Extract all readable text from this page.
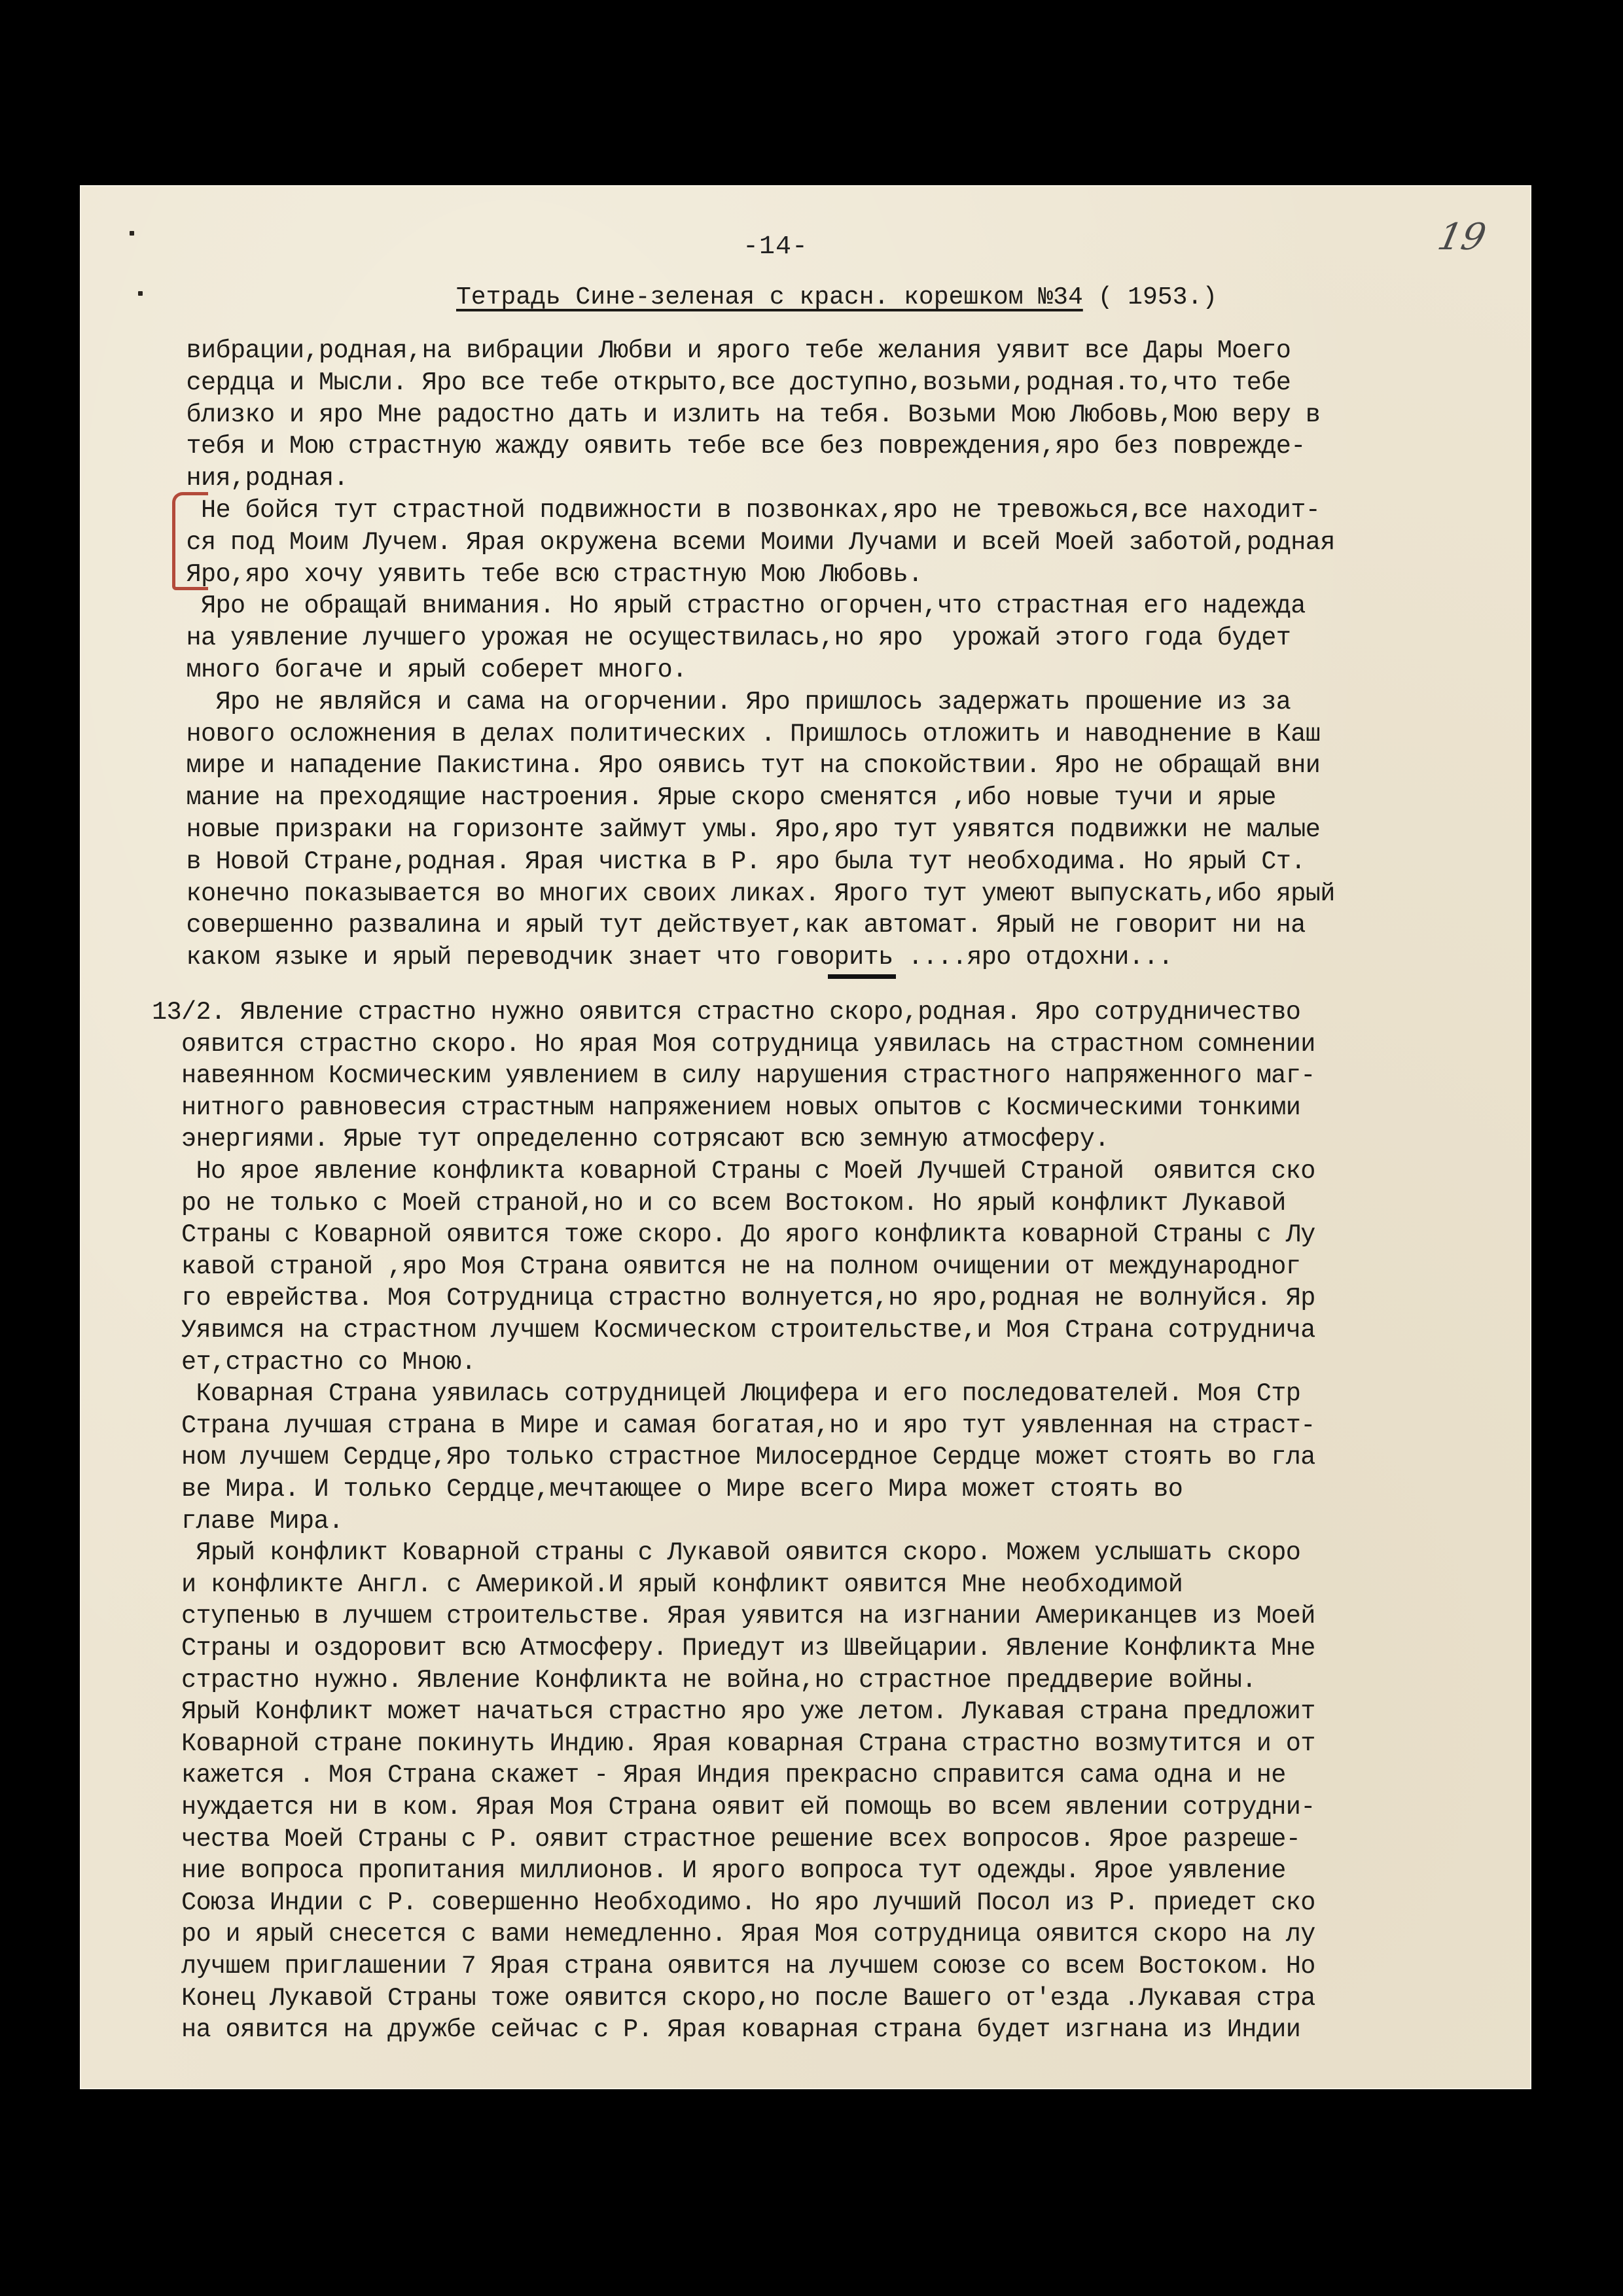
-14-	19
Тетрадь Сине-зеленая с красн. корешком №34 ( 1953.)
вибрации,родная,на вибрации Любви и ярого тебе желания уявит все Дары Моего
сердца и Мысли. Яро все тебе открыто,все доступно,возьми,родная.то,что тебе
близко и яро Мне радостно дать и излить на тебя. Возьми Мою Любовь,Мою веру в
тебя и Мою страстную жажду оявить тебе все без повреждения,яро без поврежде-
ния,родная.
Не бойся тут страстной подвижности в позвонках,яро не тревожься,все находит-
ся под Моим Лучем. Ярая окружена всеми Моими Лучами и всей Моей заботой,родная
Яро,яро хочу уявить тебе всю страстную Мою Любовь.
Яро не обращай внимания. Но ярый страстно огорчен,что страстная его надежда
на уявление лучшего урожая не осуществилась,но яро  урожай этого года будет
много богаче и ярый соберет много.
Яро не являйся и сама на огорчении. Яро пришлось задержать прошение из за
нового осложнения в делах политических . Пришлось отложить и наводнение в Каш
мире и нападение Пакистина. Яро оявись тут на спокойствии. Яро не обращай вни
мание на преходящие настроения. Ярые скоро сменятся ,ибо новые тучи и ярые
новые призраки на горизонте займут умы. Яро,яро тут уявятся подвижки не малые
в Новой Стране,родная. Ярая чистка в Р. яро была тут необходима. Но ярый Ст.
конечно показывается во многих своих ликах. Ярого тут умеют выпускать,ибо ярый
совершенно развалина и ярый тут действует,как автомат. Ярый не говорит ни на
каком языке и ярый переводчик знает что говорить ....яро отдохни...
13/2. Явление страстно нужно оявится страстно скоро,родная. Яро сотрудничество
оявится страстно скоро. Но ярая Моя сотрудница уявилась на страстном сомнении
навеянном Космическим уявлением в силу нарушения страстного напряженного маг-
нитного равновесия страстным напряжением новых опытов с Космическими тонкими
энергиями. Ярые тут определенно сотрясают всю земную атмосферу.
Но ярое явление конфликта коварной Страны с Моей Лучшей Страной  оявится ско
ро не только с Моей страной,но и со всем Востоком. Но ярый конфликт Лукавой
Страны с Коварной оявится тоже скоро. До ярого конфликта коварной Страны с Лу
кавой страной ,яро Моя Страна оявится не на полном очищении от международног
го еврейства. Моя Сотрудница страстно волнуется,но яро,родная не волнуйся. Яр
Уявимся на страстном лучшем Космическом строительстве,и Моя Страна сотруднича
ет,страстно со Мною.
Коварная Страна уявилась сотрудницей Люцифера и его последователей. Моя Стр
Страна лучшая страна в Мире и самая богатая,но и яро тут уявленная на страст-
ном лучшем Сердце,Яро только страстное Милосердное Сердце может стоять во гла
ве Мира. И только Сердце,мечтающее о Мире всего Мира может стоять во
главе Мира.
Ярый конфликт Коварной страны с Лукавой оявится скоро. Можем услышать скоро
и конфликте Англ. с Америкой.И ярый конфликт оявится Мне необходимой
ступенью в лучшем строительстве. Ярая уявится на изгнании Американцев из Моей
Страны и оздоровит всю Атмосферу. Приедут из Швейцарии. Явление Конфликта Мне
страстно нужно. Явление Конфликта не война,но страстное преддверие войны.
Ярый Конфликт может начаться страстно яро уже летом. Лукавая страна предложит
Коварной стране покинуть Индию. Ярая коварная Страна страстно возмутится и от
кажется . Моя Страна скажет - Ярая Индия прекрасно справится сама одна и не
нуждается ни в ком. Ярая Моя Страна оявит ей помощь во всем явлении сотрудни-
чества Моей Страны с Р. оявит страстное решение всех вопросов. Ярое разреше-
ние вопроса пропитания миллионов. И ярого вопроса тут одежды. Ярое уявление
Союза Индии с Р. совершенно Необходимо. Но яро лучший Посол из Р. приедет ско
ро и ярый снесется с вами немедленно. Ярая Моя сотрудница оявится скоро на лу
лучшем приглашении 7 Ярая страна оявится на лучшем союзе со всем Востоком. Но
Конец Лукавой Страны тоже оявится скоро,но после Вашего от'езда .Лукавая стра
на оявится на дружбе сейчас с Р. Ярая коварная страна будет изгнана из Индии
